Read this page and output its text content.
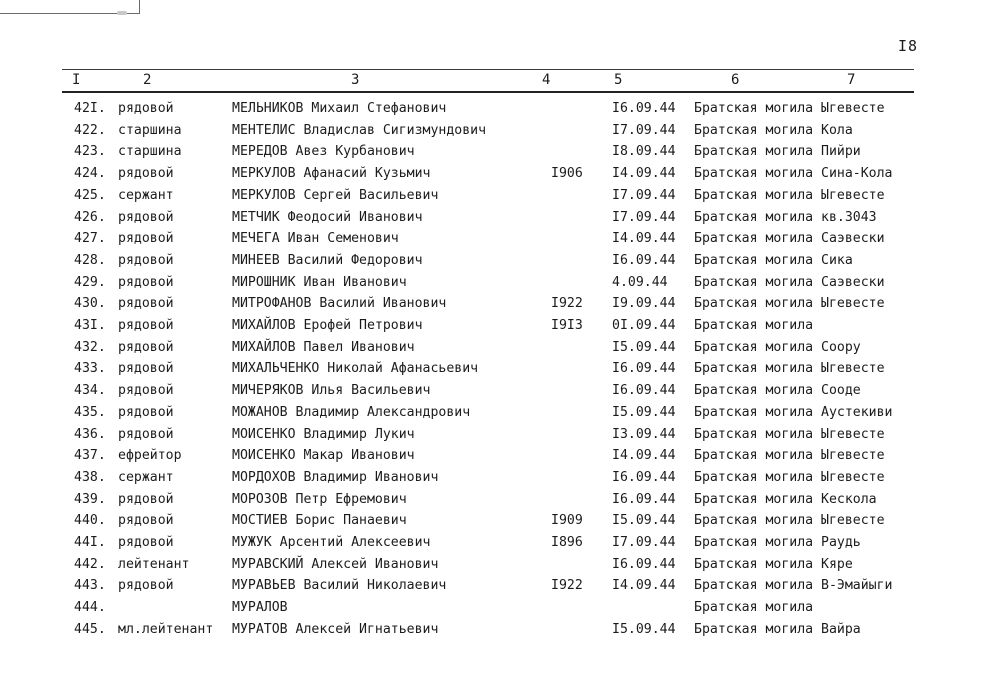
I8
I	2	3	4	5	6	7
42I. рядовой	МЕЛЬНИКОВ Михаил Стефанович	I6.09.44 Братская могила Ыгевесте
422. старшина	МЕНТЕЛИС Владислав Сигизмундович	I7.09.44 Братская могила Кола
423. старшина	МЕРЕДОВ Авез Курбанович	I8.09.44 Братская могила Пийри
424. рядовой	МЕРКУЛОВ Афанасий Кузьмич	I906 I4.09.44 Братская могила Сина-Кола
425. сержант	МЕРКУЛОВ Сергей Васильевич	I7.09.44 Братская могила Ыгевесте
426. рядовой	МЕТЧИК Феодосий Иванович	I7.09.44 Братская могила кв.3043
427. рядовой	МЕЧЕГА Иван Семенович	I4.09.44 Братская могила Саэвески
428. рядовой	МИНЕЕВ Василий Федорович	I6.09.44 Братская могила Сика
429. рядовой	МИРОШНИК Иван Иванович	4.09.44 Братская могила Саэвески
430. рядовой	МИТРОФАНОВ Василий Иванович	I922 I9.09.44 Братская могила Ыгевесте
43I. рядовой	МИХАЙЛОВ Ерофей Петрович	I9I3 0I.09.44 Братская могила
432. рядовой	МИХАЙЛОВ Павел Иванович	I5.09.44 Братская могила Соору
433. рядовой	МИХАЛЬЧЕНКО Николай Афанасьевич	I6.09.44 Братская могила Ыгевесте
434. рядовой	МИЧЕРЯКОВ Илья Васильевич	I6.09.44 Братская могила Сооде
435. рядовой	МОЖАНОВ Владимир Александрович	I5.09.44 Братская могила Аустекиви
436. рядовой	МОИСЕНКО Владимир Лукич	I3.09.44 Братская могила Ыгевесте
437. ефрейтор	МОИСЕНКО Макар Иванович	I4.09.44 Братская могила Ыгевесте
438. сержант	МОРДОХОВ Владимир Иванович	I6.09.44 Братская могила Ыгевесте
439. рядовой	МОРОЗОВ Петр Ефремович	I6.09.44 Братская могила Кескола
440. рядовой	МОСТИЕВ Борис Панаевич	I909 I5.09.44 Братская могила Ыгевесте
44I. рядовой	МУЖУК Арсентий Алексеевич	I896 I7.09.44 Братская могила Раудь
442. лейтенант	МУРАВСКИЙ Алексей Иванович	I6.09.44 Братская могила Кяре
443. рядовой	МУРАВЬЕВ Василий Николаевич	I922 I4.09.44 Братская могила В-Эмайыги
444.	МУРАЛОВ	Братская могила
445. мл.лейтенант МУРАТОВ Алексей Игнатьевич	I5.09.44 Братская могила Вайра
